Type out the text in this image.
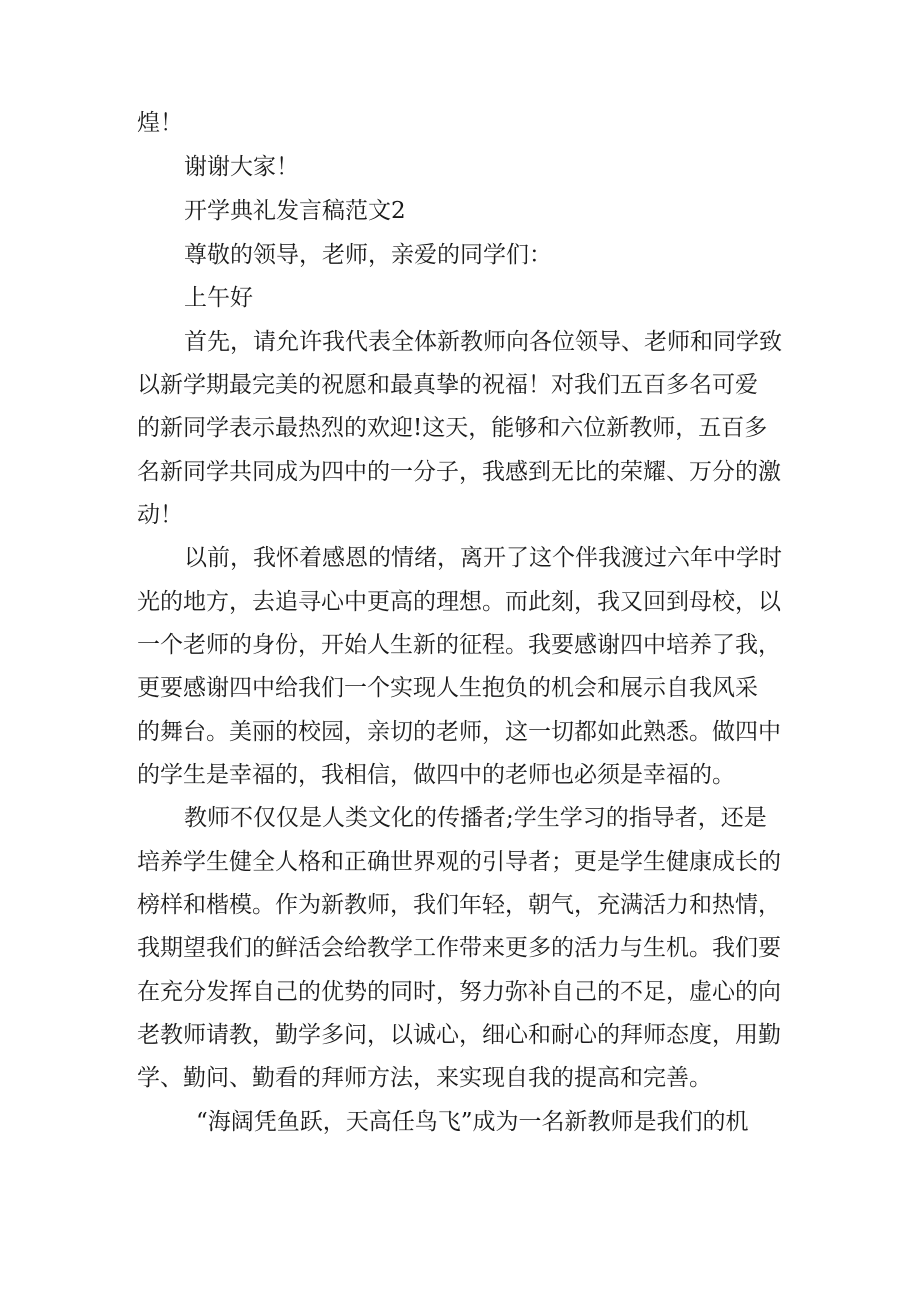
煌！
谢谢大家！
开学典礼发言稿范文2
尊敬的领导，老师，亲爱的同学们：
上午好
首先，请允许我代表全体新教师向各位领导、老师和同学致
以新学期最完美的祝愿和最真挚的祝福！对我们五百多名可爱
的新同学表示最热烈的欢迎!这天，能够和六位新教师，五百多
名新同学共同成为四中的一分子，我感到无比的荣耀、万分的激
动！
以前，我怀着感恩的情绪，离开了这个伴我渡过六年中学时
光的地方，去追寻心中更高的理想。而此刻，我又回到母校，以
一个老师的身份，开始人生新的征程。我要感谢四中培养了我，
更要感谢四中给我们一个实现人生抱负的机会和展示自我风采
的舞台。美丽的校园，亲切的老师，这一切都如此熟悉。做四中
的学生是幸福的，我相信，做四中的老师也必须是幸福的。
教师不仅仅是人类文化的传播者;学生学习的指导者，还是
培养学生健全人格和正确世界观的引导者；更是学生健康成长的
榜样和楷模。作为新教师，我们年轻，朝气，充满活力和热情，
我期望我们的鲜活会给教学工作带来更多的活力与生机。我们要
在充分发挥自己的优势的同时，努力弥补自己的不足，虚心的向
老教师请教，勤学多问，以诚心，细心和耐心的拜师态度，用勤
学、勤问、勤看的拜师方法，来实现自我的提高和完善。
“海阔凭鱼跃，天高任鸟飞”成为一名新教师是我们的机
